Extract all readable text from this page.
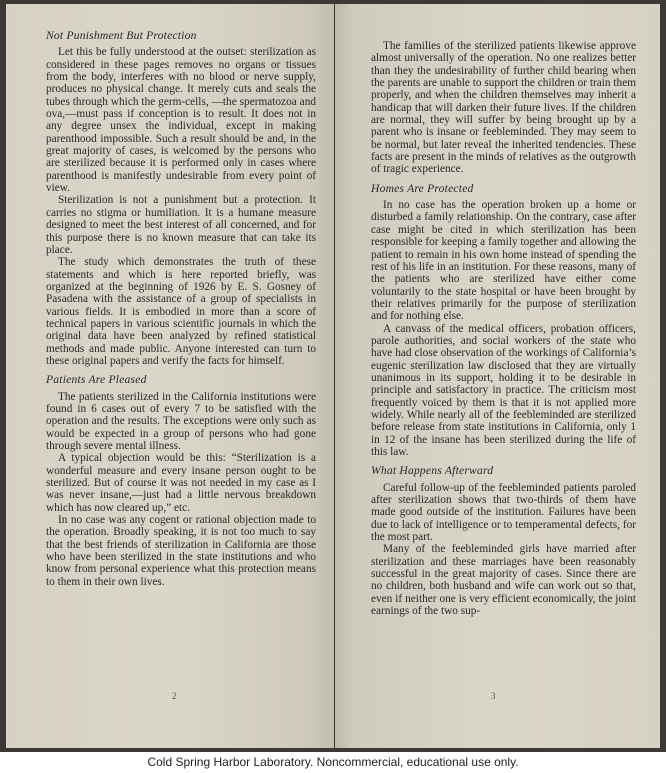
Not Punishment But Protection

Let this be fully understood at the outset: sterilization as considered in these pages removes no organs or tissues from the body, interferes with no blood or nerve supply, produces no physical change. It merely cuts and seals the tubes through which the germ-cells, —the spermatozoa and ova,—must pass if conception is to result. It does not in any degree unsex the individual, except in making parenthood impossible. Such a result should be and, in the great majority of cases, is welcomed by the persons who are sterilized because it is performed only in cases where parenthood is manifestly undesirable from every point of view.

Sterilization is not a punishment but a protection. It carries no stigma or humiliation. It is a humane measure designed to meet the best interest of all concerned, and for this purpose there is no known measure that can take its place.

The study which demonstrates the truth of these statements and which is here reported briefly, was organized at the beginning of 1926 by E. S. Gosney of Pasadena with the assistance of a group of specialists in various fields. It is embodied in more than a score of technical papers in various scientific journals in which the original data have been analyzed by refined statistical methods and made public. Anyone interested can turn to these original papers and verify the facts for himself.

Patients Are Pleased

The patients sterilized in the California institutions were found in 6 cases out of every 7 to be satisfied with the operation and the results. The exceptions were only such as would be expected in a group of persons who had gone through severe mental illness.

A typical objection would be this: “Sterilization is a wonderful measure and every insane person ought to be sterilized. But of course it was not needed in my case as I was never insane,—just had a little nervous breakdown which has now cleared up,” etc.

In no case was any cogent or rational objection made to the operation. Broadly speaking, it is not too much to say that the best friends of sterilization in California are those who have been sterilized in the state institutions and who know from personal experience what this protection means to them in their own lives.

2

The families of the sterilized patients likewise approve almost universally of the operation. No one realizes better than they the undesirability of further child bearing when the parents are unable to support the children or train them properly, and when the children themselves may inherit a handicap that will darken their future lives. If the children are normal, they will suffer by being brought up by a parent who is insane or feebleminded. They may seem to be normal, but later reveal the inherited tendencies. These facts are present in the minds of relatives as the outgrowth of tragic experience.

Homes Are Protected

In no case has the operation broken up a home or disturbed a family relationship. On the contrary, case after case might be cited in which sterilization has been responsible for keeping a family together and allowing the patient to remain in his own home instead of spending the rest of his life in an institution. For these reasons, many of the patients who are sterilized have either come voluntarily to the state hospital or have been brought by their relatives primarily for the purpose of sterilization and for nothing else.

A canvass of the medical officers, probation officers, parole authorities, and social workers of the state who have had close observation of the workings of California’s eugenic sterilization law disclosed that they are virtually unanimous in its support, holding it to be desirable in principle and satisfactory in practice. The criticism most frequently voiced by them is that it is not applied more widely. While nearly all of the feebleminded are sterilized before release from state institutions in California, only 1 in 12 of the insane has been sterilized during the life of this law.

What Happens Afterward

Careful follow-up of the feebleminded patients paroled after sterilization shows that two-thirds of them have made good outside of the institution. Failures have been due to lack of intelligence or to temperamental defects, for the most part.

Many of the feebleminded girls have married after sterilization and these marriages have been reasonably successful in the great majority of cases. Since there are no children, both husband and wife can work out so that, even if neither one is very efficient economically, the joint earnings of the two sup-

3
Cold Spring Harbor Laboratory. Noncommercial, educational use only.
